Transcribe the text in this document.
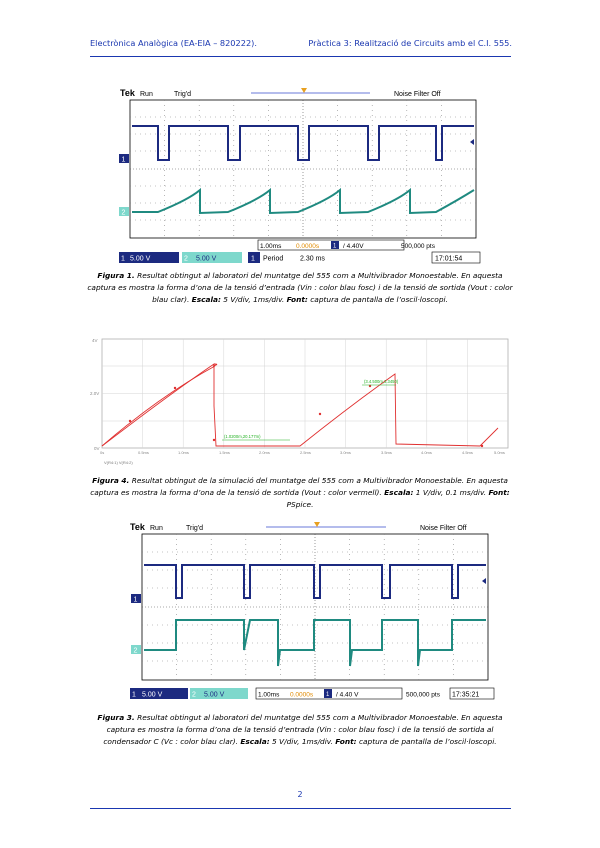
Electrònica Analògica (EA-EIA – 820222).	Pràctica 3: Realització de Circuits amb el C.I. 555.
Tek Run	Trig'd	Noise Filter Off
1
2
1.00ms 0.0000s 1 / 4.40V	500,000 pts
1 5.00 V	2 5.00 V	1 Period 2.30 ms	17:01:54
Figura 1. Resultat obtingut al laboratori del muntatge del 555 com a Multivibrador Monoestable. En aquesta captura es mostra la forma d’ona de la tensió d’entrada (Vin : color blau fosc) i de la tensió de sortida (Vout : color blau clar). Escala: 5 V/div, 1ms/div. Font: captura de pantalla de l’oscil·loscopi.
4V
2.0V
0V
0s	0.5ms	1.0ms	1.5ms	2.0ms	2.5ms	3.0ms	3.5ms	4.0ms	4.5ms	5.0ms
(3.4.500m,3.3450)
(1.0200m,20.177m)
V(R4:1) V(R4:2)
Figura 4. Resultat obtingut de la simulació del muntatge del 555 com a Multivibrador Monoestable. En aquesta captura es mostra la forma d’ona de la tensió de sortida (Vout : color vermell). Escala: 1 V/div, 0.1 ms/div. Font: PSpice.
Tek Run	Trig'd	Noise Filter Off
1
2
1 5.00 V	2 5.00 V	1.00ms 0.0000s 1 / 4.40 V	500,000 pts 17:35:21
Figura 3. Resultat obtingut al laboratori del muntatge del 555 com a Multivibrador Monoestable. En aquesta captura es mostra la forma d’ona de la tensió d’entrada (Vin : color blau fosc) i de la tensió de sortida al condensador C (Vc : color blau clar). Escala: 5 V/div, 1ms/div. Font: captura de pantalla de l’oscil·loscopi.
2
